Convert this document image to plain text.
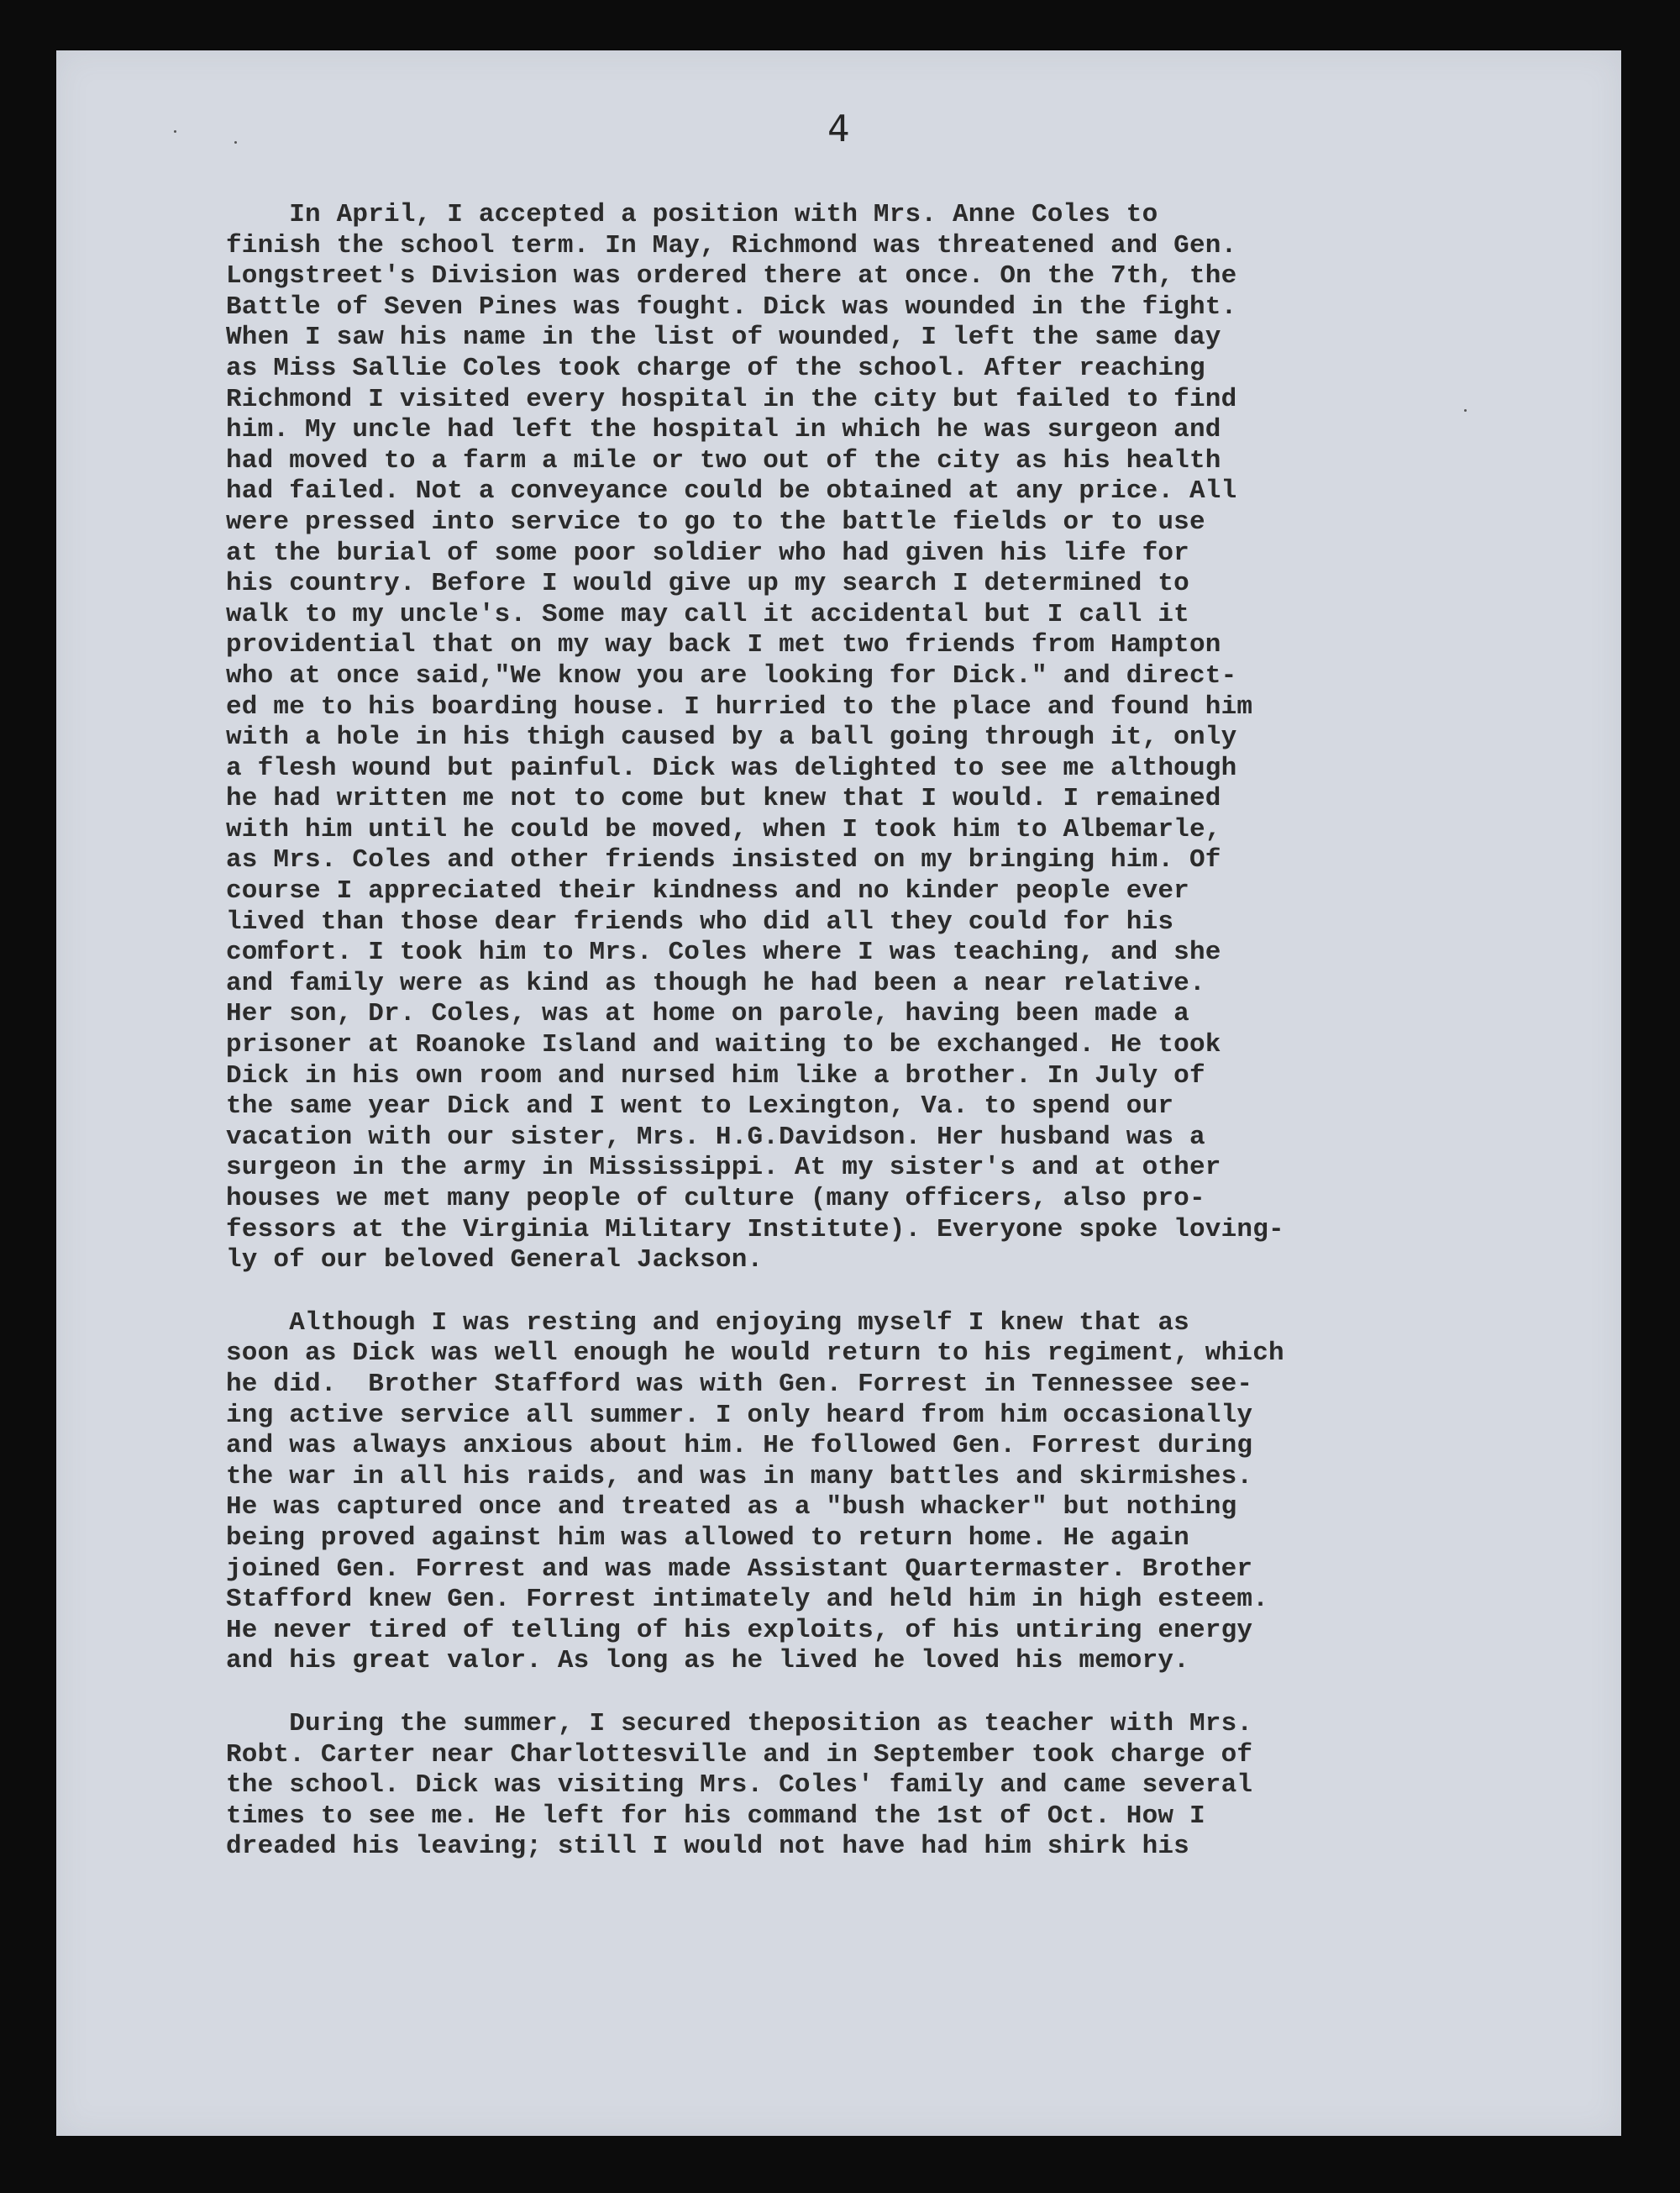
4

In April, I accepted a position with Mrs. Anne Coles to

finish the school term. In May, Richmond was threatened and Gen.

Longstreet's Division was ordered there at once. On the 7th, the

Battle of Seven Pines was fought. Dick was wounded in the fight.

When I saw his name in the list of wounded, I left the same day

as Miss Sallie Coles took charge of the school. After reaching

Richmond I visited every hospital in the city but failed to find

him. My uncle had left the hospital in which he was surgeon and

had moved to a farm a mile or two out of the city as his health

had failed. Not a conveyance could be obtained at any price. All

were pressed into service to go to the battle fields or to use

at the burial of some poor soldier who had given his life for

his country. Before I would give up my search I determined to

walk to my uncle's. Some may call it accidental but I call it

providential that on my way back I met two friends from Hampton

who at once said,"We know you are looking for Dick." and direct-

ed me to his boarding house. I hurried to the place and found him

with a hole in his thigh caused by a ball going through it, only

a flesh wound but painful. Dick was delighted to see me although

he had written me not to come but knew that I would. I remained

with him until he could be moved, when I took him to Albemarle,

as Mrs. Coles and other friends insisted on my bringing him. Of

course I appreciated their kindness and no kinder people ever

lived than those dear friends who did all they could for his

comfort. I took him to Mrs. Coles where I was teaching, and she

and family were as kind as though he had been a near relative.

Her son, Dr. Coles, was at home on parole, having been made a

prisoner at Roanoke Island and waiting to be exchanged. He took

Dick in his own room and nursed him like a brother. In July of

the same year Dick and I went to Lexington, Va. to spend our

vacation with our sister, Mrs. H.G.Davidson. Her husband was a

surgeon in the army in Mississippi. At my sister's and at other

houses we met many people of culture (many officers, also pro-

fessors at the Virginia Military Institute). Everyone spoke loving-

ly of our beloved General Jackson.

Although I was resting and enjoying myself I knew that as

soon as Dick was well enough he would return to his regiment, which

he did.  Brother Stafford was with Gen. Forrest in Tennessee see-

ing active service all summer. I only heard from him occasionally

and was always anxious about him. He followed Gen. Forrest during

the war in all his raids, and was in many battles and skirmishes.

He was captured once and treated as a "bush whacker" but nothing

being proved against him was allowed to return home. He again

joined Gen. Forrest and was made Assistant Quartermaster. Brother

Stafford knew Gen. Forrest intimately and held him in high esteem.

He never tired of telling of his exploits, of his untiring energy

and his great valor. As long as he lived he loved his memory.

During the summer, I secured theposition as teacher with Mrs.

Robt. Carter near Charlottesville and in September took charge of

the school. Dick was visiting Mrs. Coles' family and came several

times to see me. He left for his command the 1st of Oct. How I

dreaded his leaving; still I would not have had him shirk his
